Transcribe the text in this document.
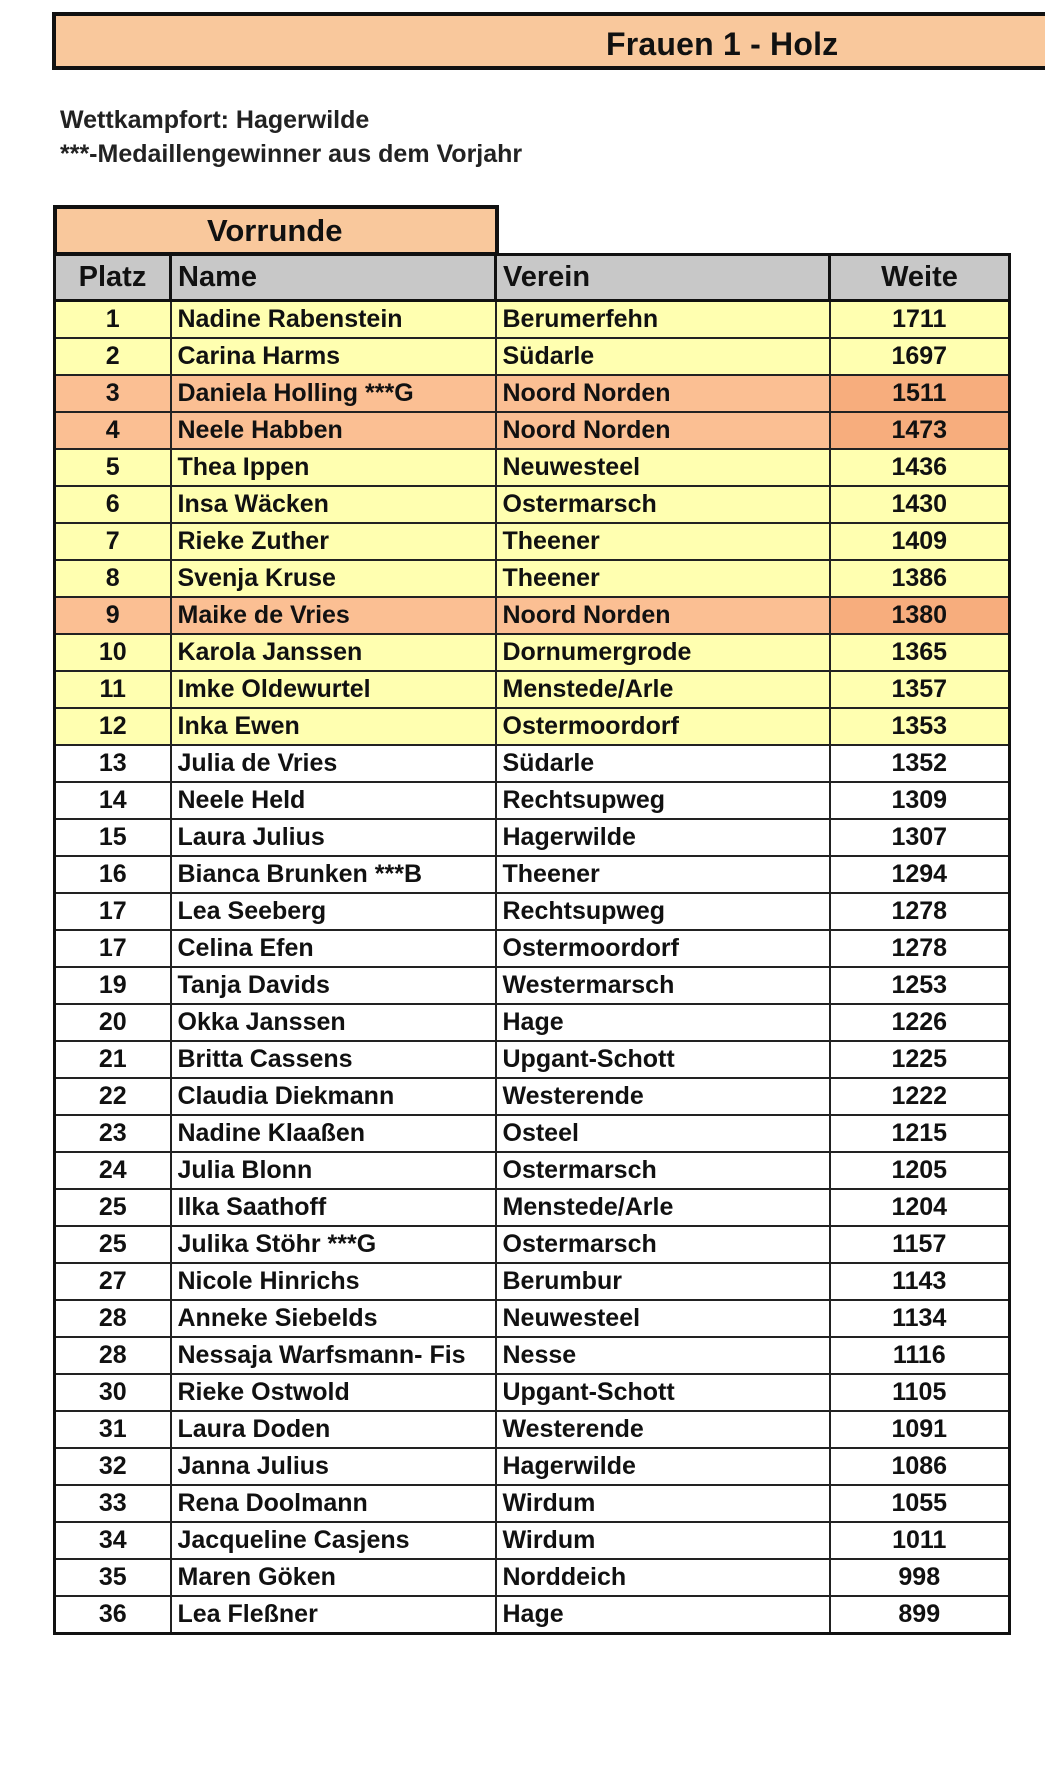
Frauen 1 - Holz
Wettkampfort: Hagerwilde
***-Medaillengewinner aus dem Vorjahr
Vorrunde
Platz	Name	Verein	Weite
1	Nadine Rabenstein	Berumerfehn	1711
2	Carina Harms	Südarle	1697
3	Daniela Holling ***G	Noord Norden	1511
4	Neele Habben	Noord Norden	1473
5	Thea Ippen	Neuwesteel	1436
6	Insa Wäcken	Ostermarsch	1430
7	Rieke Zuther	Theener	1409
8	Svenja Kruse	Theener	1386
9	Maike de Vries	Noord Norden	1380
10	Karola Janssen	Dornumergrode	1365
11	Imke Oldewurtel	Menstede/Arle	1357
12	Inka Ewen	Ostermoordorf	1353
13	Julia de Vries	Südarle	1352
14	Neele Held	Rechtsupweg	1309
15	Laura Julius	Hagerwilde	1307
16	Bianca Brunken ***B	Theener	1294
17	Lea Seeberg	Rechtsupweg	1278
17	Celina Efen	Ostermoordorf	1278
19	Tanja Davids	Westermarsch	1253
20	Okka Janssen	Hage	1226
21	Britta Cassens	Upgant-Schott	1225
22	Claudia Diekmann	Westerende	1222
23	Nadine Klaaßen	Osteel	1215
24	Julia Blonn	Ostermarsch	1205
25	Ilka Saathoff	Menstede/Arle	1204
25	Julika Stöhr ***G	Ostermarsch	1157
27	Nicole Hinrichs	Berumbur	1143
28	Anneke Siebelds	Neuwesteel	1134
28	Nessaja Warfsmann- Fis	Nesse	1116
30	Rieke Ostwold	Upgant-Schott	1105
31	Laura Doden	Westerende	1091
32	Janna Julius	Hagerwilde	1086
33	Rena Doolmann	Wirdum	1055
34	Jacqueline Casjens	Wirdum	1011
35	Maren Göken	Norddeich	998
36	Lea Fleßner	Hage	899
